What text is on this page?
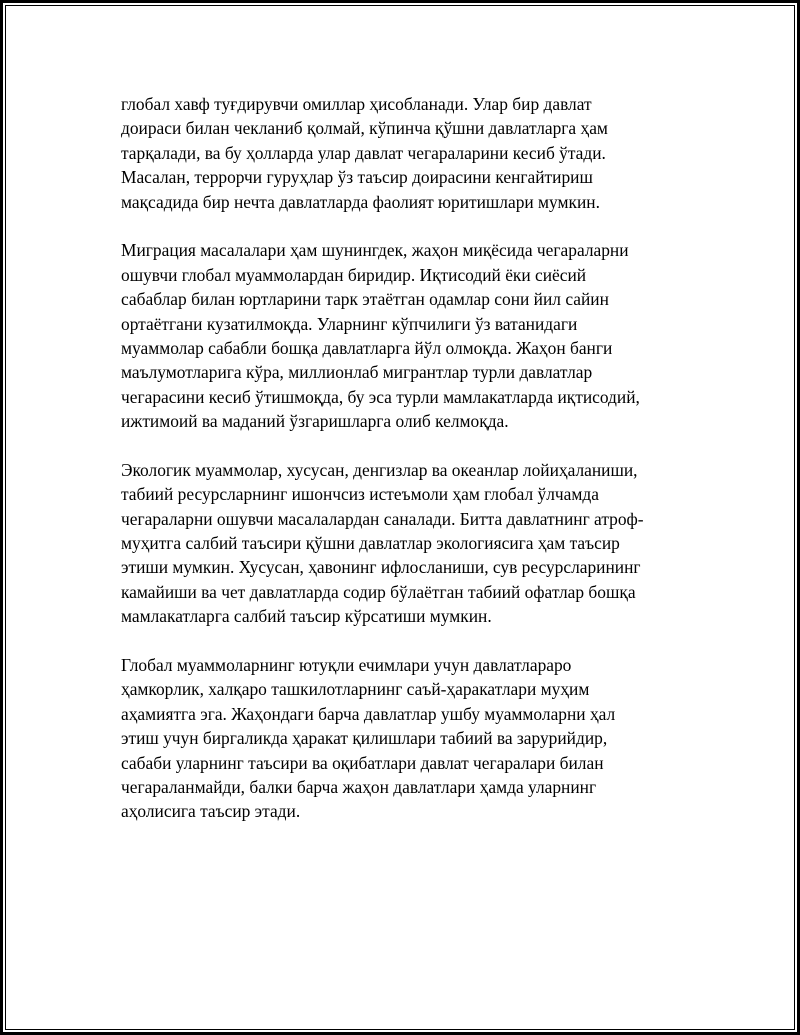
глобал хавф туғдирувчи омиллар ҳисобланади. Улар бир давлат
доираси билан чекланиб қолмай, кўпинча қўшни давлатларга ҳам
тарқалади, ва бу ҳолларда улар давлат чегараларини кесиб ўтади.
Масалан, террорчи гуруҳлар ўз таъсир доирасини кенгайтириш
мақсадида бир нечта давлатларда фаолият юритишлари мумкин.
Миграция масалалари ҳам шунингдек, жаҳон миқёсида чегараларни
ошувчи глобал муаммолардан биридир. Иқтисодий ёки сиёсий
сабаблар билан юртларини тарк этаётган одамлар сони йил сайин
ортаётгани кузатилмоқда. Уларнинг кўпчилиги ўз ватанидаги
муаммолар сабабли бошқа давлатларга йўл олмоқда. Жаҳон банги
маълумотларига кўра, миллионлаб мигрантлар турли давлатлар
чегарасини кесиб ўтишмоқда, бу эса турли мамлакатларда иқтисодий,
ижтимоий ва маданий ўзгаришларга олиб келмоқда.
Экологик муаммолар, хусусан, денгизлар ва океанлар лойиҳаланиши,
табиий ресурсларнинг ишончсиз истеъмоли ҳам глобал ўлчамда
чегараларни ошувчи масалалардан саналади. Битта давлатнинг атроф-
муҳитга салбий таъсири қўшни давлатлар экологиясига ҳам таъсир
этиши мумкин. Хусусан, ҳавонинг ифлосланиши, сув ресурсларининг
камайиши ва чет давлатларда содир бўлаётган табиий офатлар бошқа
мамлакатларга салбий таъсир кўрсатиши мумкин.
Глобал муаммоларнинг ютуқли ечимлари учун давлатлараро
ҳамкорлик, халқаро ташкилотларнинг саъй-ҳаракатлари муҳим
аҳамиятга эга. Жаҳондаги барча давлатлар ушбу муаммоларни ҳал
этиш учун биргаликда ҳаракат қилишлари табиий ва зарурийдир,
сабаби уларнинг таъсири ва оқибатлари давлат чегаралари билан
чегараланмайди, балки барча жаҳон давлатлари ҳамда уларнинг
аҳолисига таъсир этади.
